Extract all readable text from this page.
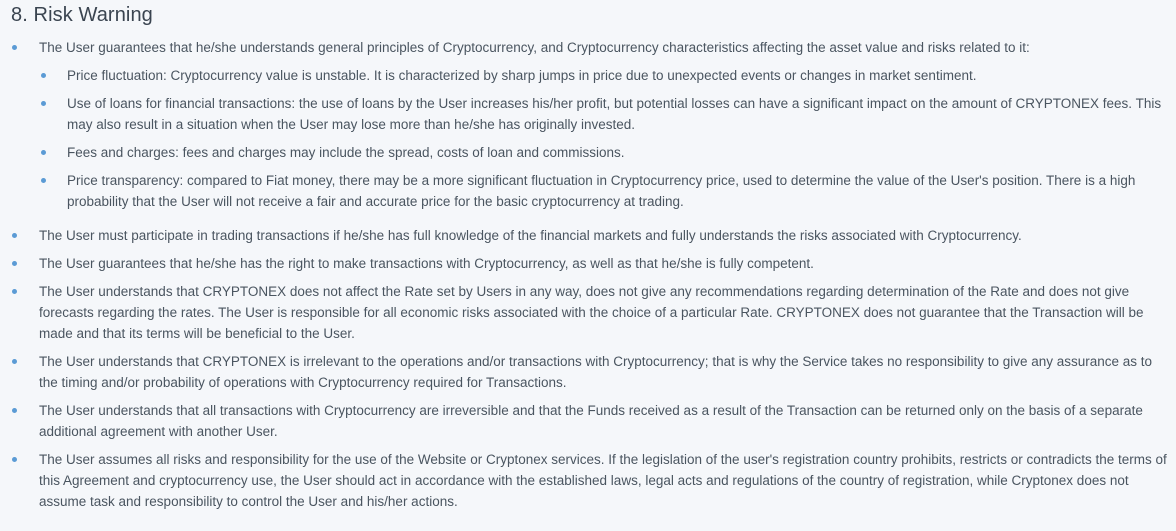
8. Risk Warning
The User guarantees that he/she understands general principles of Cryptocurrency, and Cryptocurrency characteristics affecting the asset value and risks related to it:
Price fluctuation: Cryptocurrency value is unstable. It is characterized by sharp jumps in price due to unexpected events or changes in market sentiment.
Use of loans for financial transactions: the use of loans by the User increases his/her profit, but potential losses can have a significant impact on the amount of CRYPTONEX fees. This may also result in a situation when the User may lose more than he/she has originally invested.
Fees and charges: fees and charges may include the spread, costs of loan and commissions.
Price transparency: compared to Fiat money, there may be a more significant fluctuation in Cryptocurrency price, used to determine the value of the User's position. There is a high probability that the User will not receive a fair and accurate price for the basic cryptocurrency at trading.
The User must participate in trading transactions if he/she has full knowledge of the financial markets and fully understands the risks associated with Cryptocurrency.
The User guarantees that he/she has the right to make transactions with Cryptocurrency, as well as that he/she is fully competent.
The User understands that CRYPTONEX does not affect the Rate set by Users in any way, does not give any recommendations regarding determination of the Rate and does not give forecasts regarding the rates. The User is responsible for all economic risks associated with the choice of a particular Rate. CRYPTONEX does not guarantee that the Transaction will be made and that its terms will be beneficial to the User.
The User understands that CRYPTONEX is irrelevant to the operations and/or transactions with Cryptocurrency; that is why the Service takes no responsibility to give any assurance as to the timing and/or probability of operations with Cryptocurrency required for Transactions.
The User understands that all transactions with Cryptocurrency are irreversible and that the Funds received as a result of the Transaction can be returned only on the basis of a separate additional agreement with another User.
The User assumes all risks and responsibility for the use of the Website or Cryptonex services. If the legislation of the user's registration country prohibits, restricts or contradicts the terms of this Agreement and cryptocurrency use, the User should act in accordance with the established laws, legal acts and regulations of the country of registration, while Cryptonex does not assume task and responsibility to control the User and his/her actions.
